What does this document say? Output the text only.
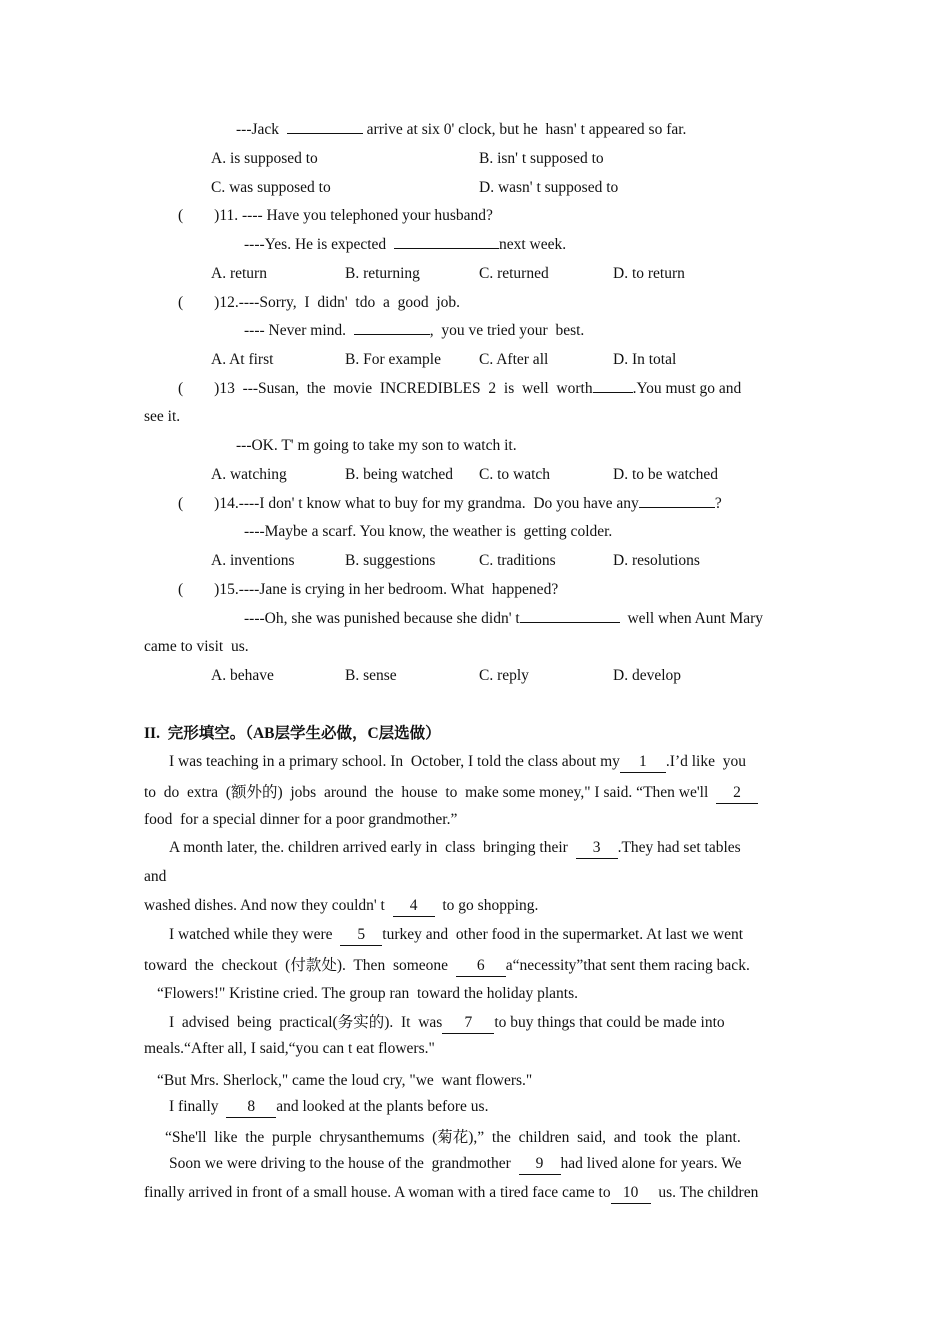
---Jack	arrive at six 0' clock, but he  hasn' t appeared so far.
A. is supposed to	B. isn' t supposed to
C. was supposed to	D. wasn' t supposed to
(        )11. ---- Have you telephoned your husband?
----Yes. He is expected	next week.
A. return	B. returning	C. returned	D. to return
(        )12.----Sorry,  I  didn'  tdo  a  good  job.
---- Never mind.	,  you ve tried your  best.
A. At first	B. For example C. After all	D. In total
(        )13  ---Susan,  the  movie  INCREDIBLES  2  is  well  worth	.You must go and
see it.
---OK. T' m going to take my son to watch it.
A. watching	B. being watched C. to watch	D. to be watched
(        )14.----I don' t know what to buy for my grandma.  Do you have any	?
----Maybe a scarf. You know, the weather is  getting colder.
A. inventions	B. suggestions	C. traditions	D. resolutions
(        )15.----Jane is crying in her bedroom. What  happened?
----Oh, she was punished because she didn' t	well when Aunt Mary
came to visit  us.
A. behave	B. sense	C. reply	D. develop
II.  完形填空。（AB层学生必做，C层选做）
I was teaching in a primary school. In  October, I told the class about my 1 .I’d like  you
to  do  extra  (额外的)  jobs  around  the  house  to  make some money," I said. “Then we'll  2
food  for a special dinner for a poor grandmother.”
A month later, the. children arrived early in  class  bringing their  3 .They had set tables
and
washed dishes. And now they couldn' t  4  to go shopping.
I watched while they were  5 turkey and  other food in the supermarket. At last we went
toward  the  checkout  (付款处).  Then  someone  6 a“necessity”that sent them racing back.
“Flowers!" Kristine cried. The group ran  toward the holiday plants.
I  advised  being  practical(务实的).  It  was 7 to buy things that could be made into
meals.“After all, I said,“you can t eat flowers."
“But Mrs. Sherlock," came the loud cry, "we  want flowers."
I finally  8 and looked at the plants before us.
“She'll  like  the  purple  chrysanthemums  (菊花),”  the  children  said,  and  took  the  plant.
Soon we were driving to the house of the  grandmother  9 had lived alone for years. We
finally arrived in front of a small house. A woman with a tired face came to 10  us. The children
